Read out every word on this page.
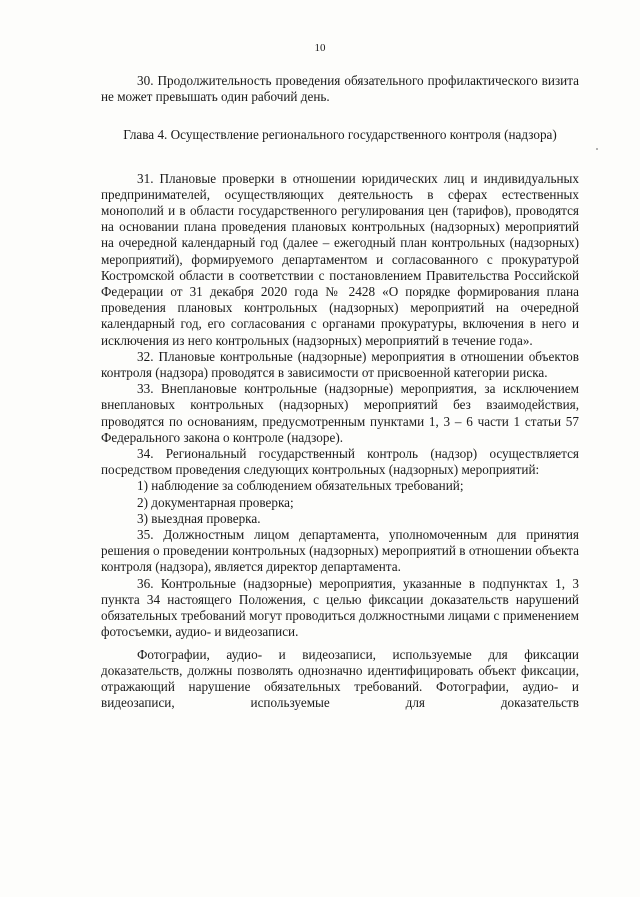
10

30. Продолжительность проведения обязательного профилактического визита не может превышать один рабочий день.

Глава 4. Осуществление регионального государственного контроля (надзора)

31. Плановые проверки в отношении юридических лиц и индивидуальных предпринимателей, осуществляющих деятельность в сферах естественных монополий и в области государственного регулирования цен (тарифов), проводятся на основании плана проведения плановых контрольных (надзорных) мероприятий на очередной календарный год (далее – ежегодный план контрольных (надзорных) мероприятий), формируемого департаментом и согласованного с прокуратурой Костромской области в соответствии с постановлением Правительства Российской Федерации от 31 декабря 2020 года № 2428 «О порядке формирования плана проведения плановых контрольных (надзорных) мероприятий на очередной календарный год, его согласования с органами прокуратуры, включения в него и исключения из него контрольных (надзорных) мероприятий в течение года».

32. Плановые контрольные (надзорные) мероприятия в отношении объектов контроля (надзора) проводятся в зависимости от присвоенной категории риска.

33. Внеплановые контрольные (надзорные) мероприятия, за исключением внеплановых контрольных (надзорных) мероприятий без взаимодействия, проводятся по основаниям, предусмотренным пунктами 1, 3 – 6 части 1 статьи 57 Федерального закона о контроле (надзоре).

34. Региональный государственный контроль (надзор) осуществляется посредством проведения следующих контрольных (надзорных) мероприятий:

1) наблюдение за соблюдением обязательных требований;

2) документарная проверка;

3) выездная проверка.

35. Должностным лицом департамента, уполномоченным для принятия решения о проведении контрольных (надзорных) мероприятий в отношении объекта контроля (надзора), является директор департамента.

36. Контрольные (надзорные) мероприятия, указанные в подпунктах 1, 3 пункта 34 настоящего Положения, с целью фиксации доказательств нарушений обязательных требований могут проводиться должностными лицами с применением фотосъемки, аудио- и видеозаписи.

Фотографии, аудио- и видеозаписи, используемые для фиксации доказательств, должны позволять однозначно идентифицировать объект фиксации, отражающий нарушение обязательных требований. Фотографии, аудио- и видеозаписи, используемые для доказательств
